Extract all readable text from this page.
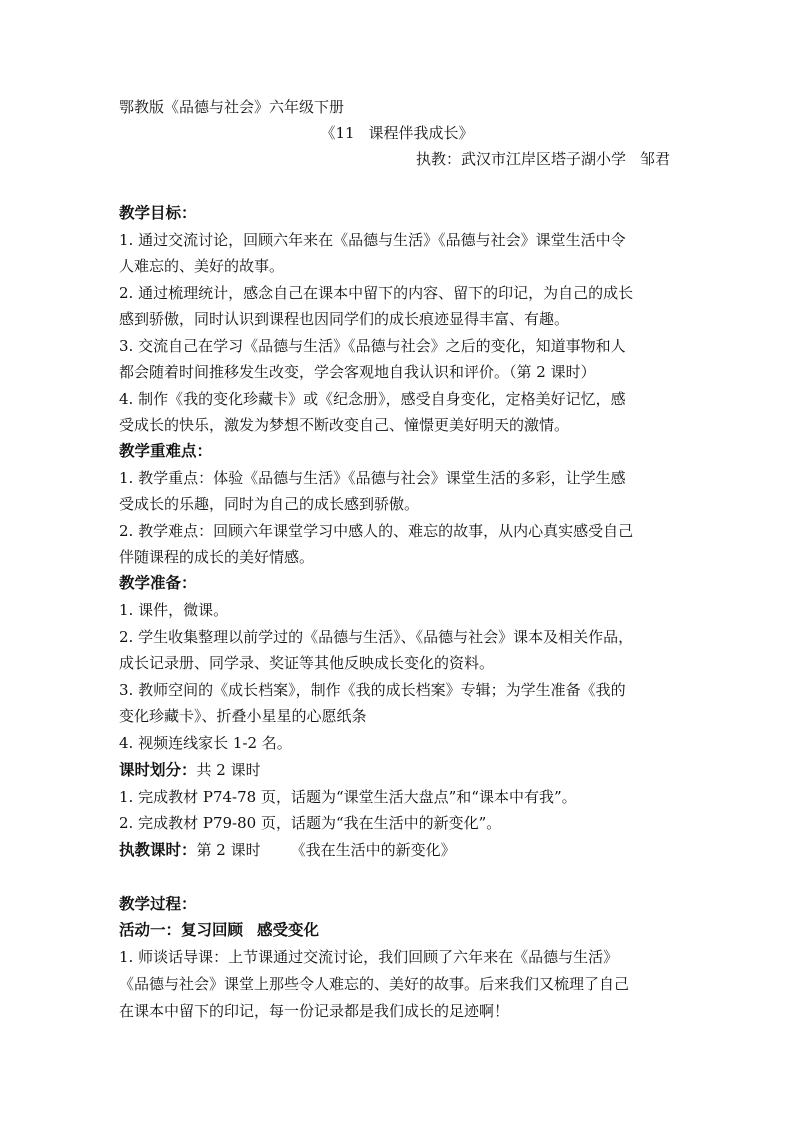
鄂教版《品德与社会》六年级下册
《11 课程伴我成长》
执教：武汉市江岸区塔子湖小学 邹君
教学目标：
1. 通过交流讨论，回顾六年来在《品德与生活》《品德与社会》课堂生活中令
人难忘的、美好的故事。
2. 通过梳理统计，感念自己在课本中留下的内容、留下的印记，为自己的成长
感到骄傲，同时认识到课程也因同学们的成长痕迹显得丰富、有趣。
3. 交流自己在学习《品德与生活》《品德与社会》之后的变化，知道事物和人
都会随着时间推移发生改变，学会客观地自我认识和评价。（第 2 课时）
4. 制作《我的变化珍藏卡》或《纪念册》，感受自身变化，定格美好记忆，感
受成长的快乐，激发为梦想不断改变自己、憧憬更美好明天的激情。
教学重难点：
1. 教学重点：体验《品德与生活》《品德与社会》课堂生活的多彩，让学生感
受成长的乐趣，同时为自己的成长感到骄傲。
2. 教学难点：回顾六年课堂学习中感人的、难忘的故事，从内心真实感受自己
伴随课程的成长的美好情感。
教学准备：
1. 课件，微课。
2. 学生收集整理以前学过的《品德与生活》、《品德与社会》课本及相关作品，
成长记录册、同学录、奖证等其他反映成长变化的资料。
3. 教师空间的《成长档案》，制作《我的成长档案》专辑；为学生准备《我的
变化珍藏卡》、折叠小星星的心愿纸条
4. 视频连线家长 1-2 名。
课时划分：共 2 课时
1. 完成教材 P74-78 页，话题为“课堂生活大盘点”和“课本中有我”。
2. 完成教材 P79-80 页，话题为“我在生活中的新变化”。
执教课时：第 2 课时 《我在生活中的新变化》
教学过程：
活动一：复习回顾 感受变化
1. 师谈话导课：上节课通过交流讨论，我们回顾了六年来在《品德与生活》
《品德与社会》课堂上那些令人难忘的、美好的故事。后来我们又梳理了自己
在课本中留下的印记，每一份记录都是我们成长的足迹啊！
